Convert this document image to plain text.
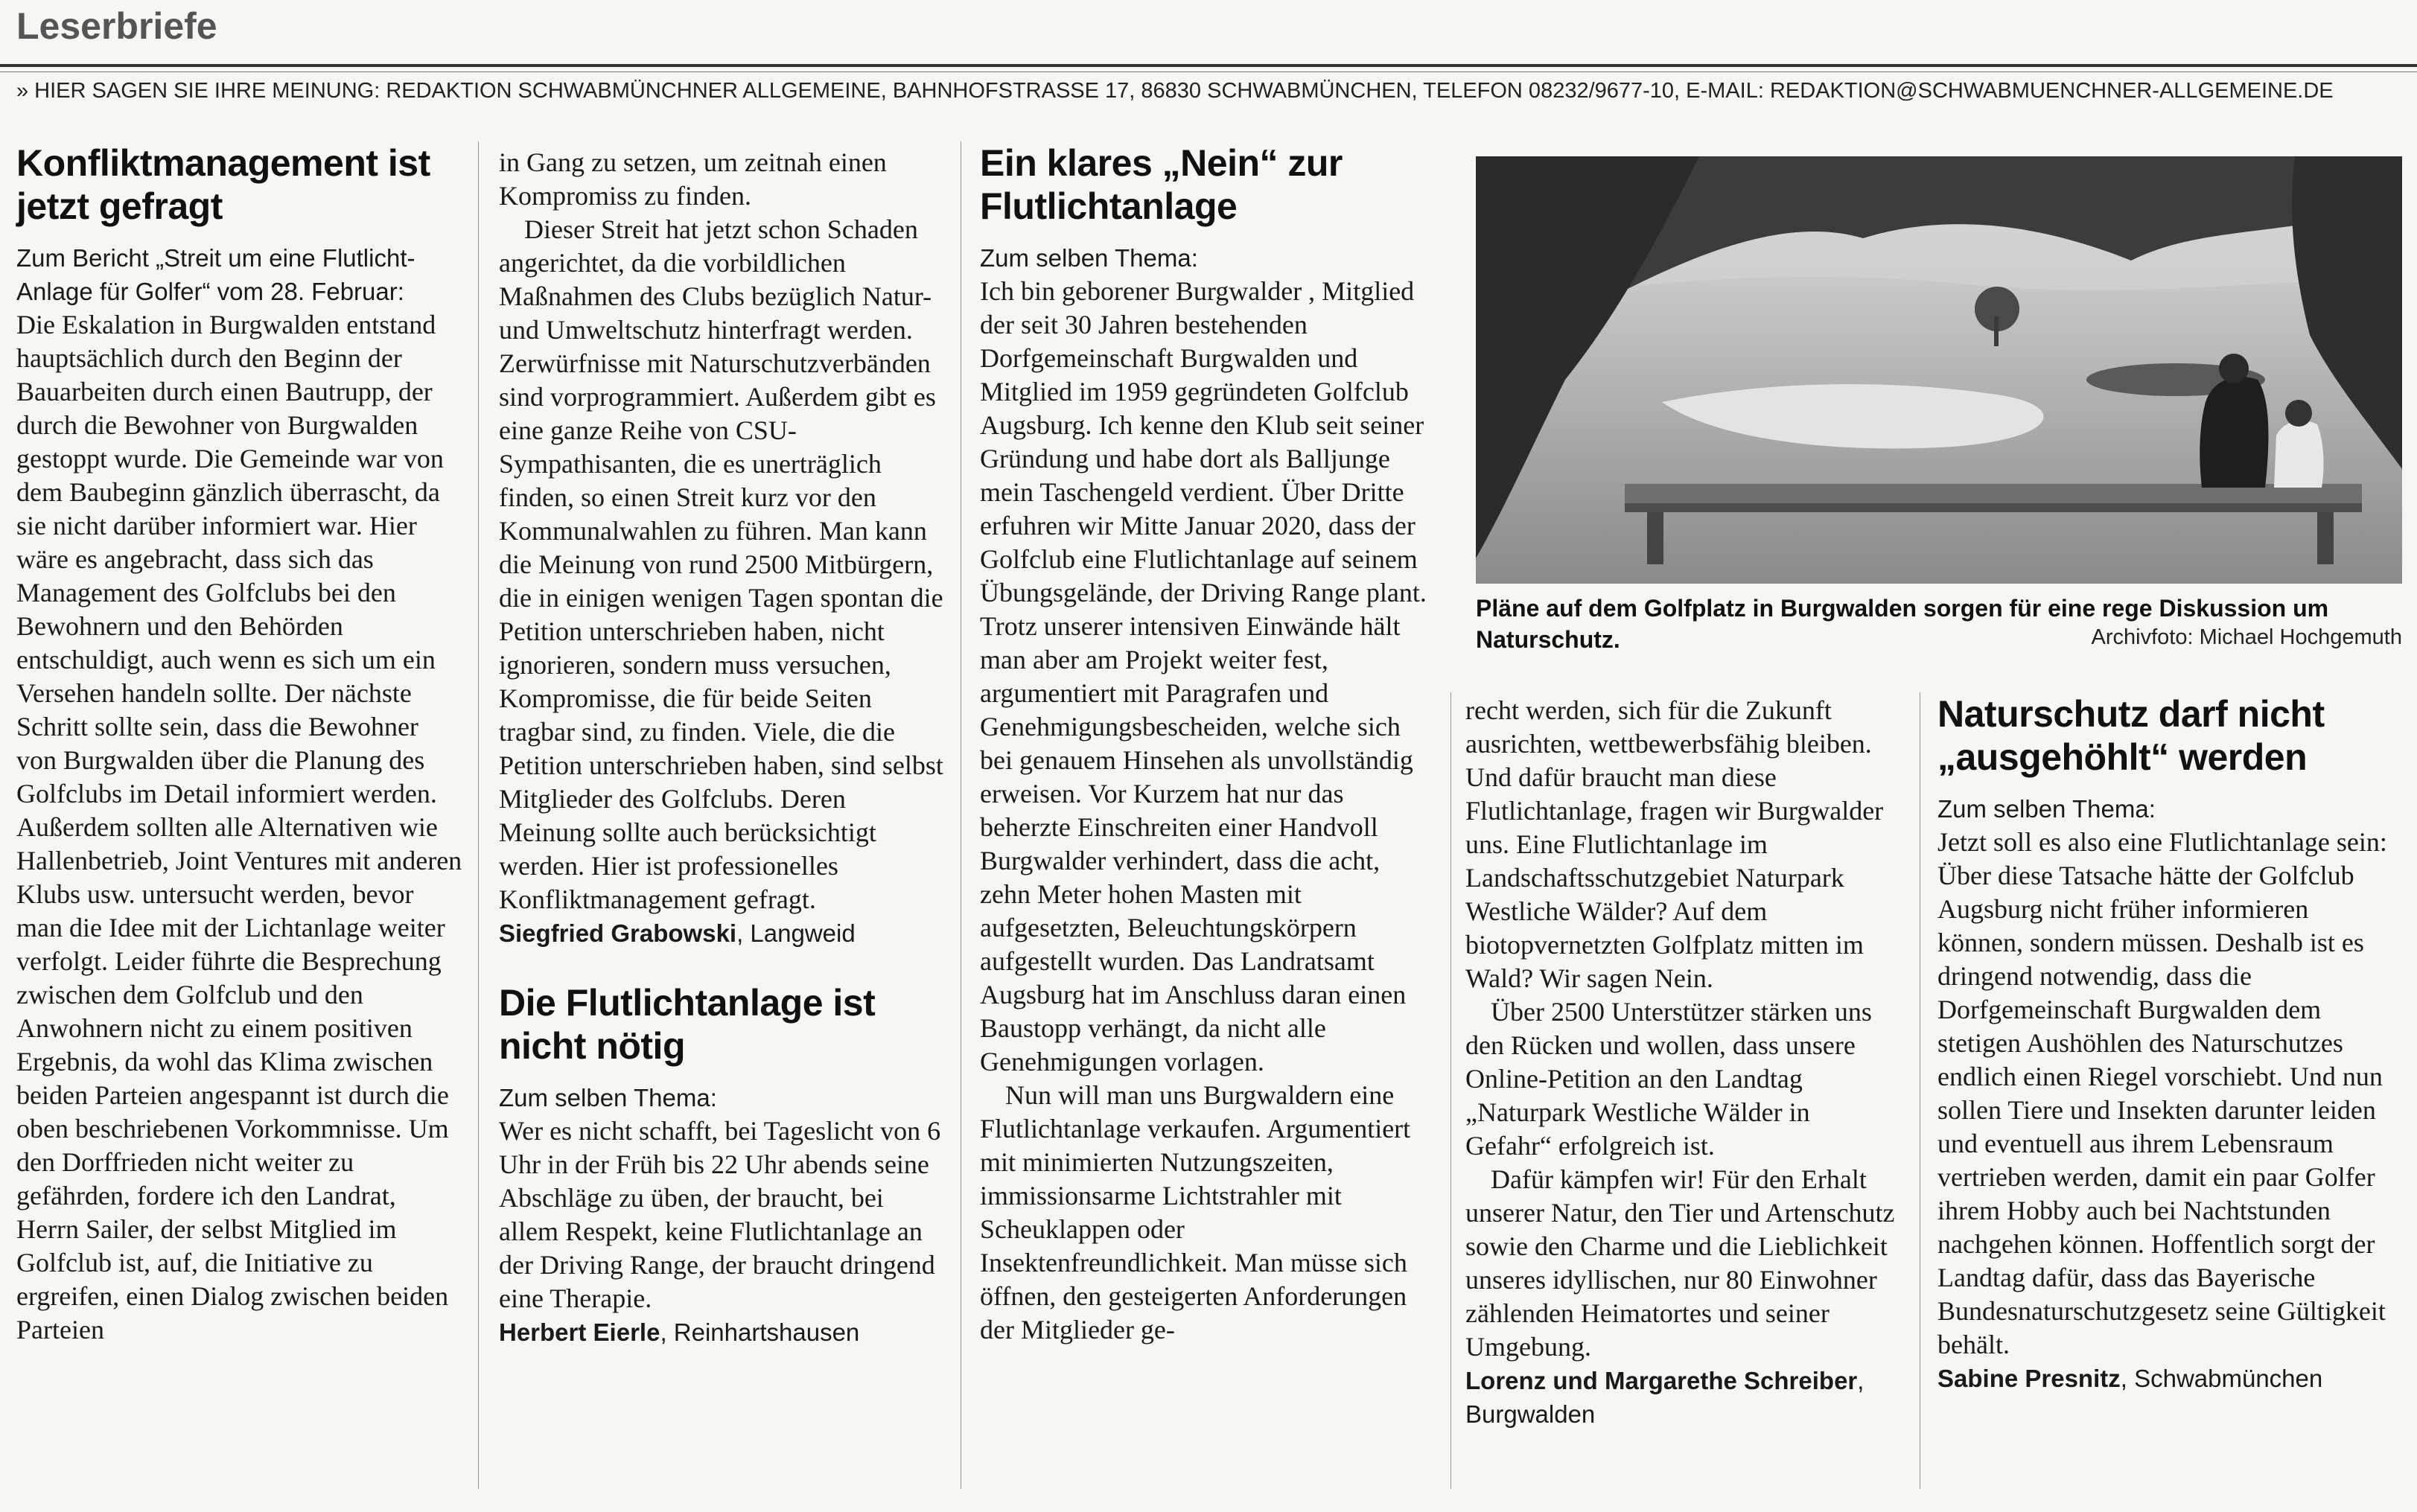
Leserbriefe
» HIER SAGEN SIE IHRE MEINUNG: REDAKTION SCHWABMÜNCHNER ALLGEMEINE, BAHNHOFSTRASSE 17, 86830 SCHWABMÜNCHEN, TELEFON 08232/9677-10, E-MAIL: REDAKTION@SCHWABMUENCHNER-ALLGEMEINE.DE
Konfliktmanagement ist jetzt gefragt

Zum Bericht „Streit um eine Flutlicht-Anlage für Golfer“ vom 28. Februar:

Die Eskalation in Burgwalden entstand hauptsächlich durch den Beginn der Bauarbeiten durch einen Bautrupp, der durch die Bewohner von Burgwalden gestoppt wurde. Die Gemeinde war von dem Baubeginn gänzlich überrascht, da sie nicht darüber informiert war. Hier wäre es angebracht, dass sich das Management des Golfclubs bei den Bewohnern und den Behörden entschuldigt, auch wenn es sich um ein Versehen handeln sollte. Der nächste Schritt sollte sein, dass die Bewohner von Burgwalden über die Planung des Golfclubs im Detail informiert werden. Außerdem sollten alle Alternativen wie Hallenbetrieb, Joint Ventures mit anderen Klubs usw. untersucht werden, bevor man die Idee mit der Lichtanlage weiter verfolgt. Leider führte die Besprechung zwischen dem Golfclub und den Anwohnern nicht zu einem positiven Ergebnis, da wohl das Klima zwischen beiden Parteien angespannt ist durch die oben beschriebenen Vorkommnisse. Um den Dorffrieden nicht weiter zu gefährden, fordere ich den Landrat, Herrn Sailer, der selbst Mitglied im Golfclub ist, auf, die Initiative zu ergreifen, einen Dialog zwischen beiden Parteien

in Gang zu setzen, um zeitnah einen Kompromiss zu finden.

Dieser Streit hat jetzt schon Schaden angerichtet, da die vorbildlichen Maßnahmen des Clubs bezüglich Natur- und Umweltschutz hinterfragt werden. Zerwürfnisse mit Naturschutzverbänden sind vorprogrammiert. Außerdem gibt es eine ganze Reihe von CSU-Sympathisanten, die es unerträglich finden, so einen Streit kurz vor den Kommunalwahlen zu führen. Man kann die Meinung von rund 2500 Mitbürgern, die in einigen wenigen Tagen spontan die Petition unterschrieben haben, nicht ignorieren, sondern muss versuchen, Kompromisse, die für beide Seiten tragbar sind, zu finden. Viele, die die Petition unterschrieben haben, sind selbst Mitglieder des Golfclubs. Deren Meinung sollte auch berücksichtigt werden. Hier ist professionelles Konfliktmanagement gefragt.

Siegfried Grabowski, Langweid

Die Flutlichtanlage ist nicht nötig

Zum selben Thema:

Wer es nicht schafft, bei Tageslicht von 6 Uhr in der Früh bis 22 Uhr abends seine Abschläge zu üben, der braucht, bei allem Respekt, keine Flutlichtanlage an der Driving Range, der braucht dringend eine Therapie.

Herbert Eierle, Reinhartshausen

Ein klares „Nein“ zur Flutlichtanlage

Zum selben Thema:

Ich bin geborener Burgwalder , Mitglied der seit 30 Jahren bestehenden Dorfgemeinschaft Burgwalden und Mitglied im 1959 gegründeten Golfclub Augsburg. Ich kenne den Klub seit seiner Gründung und habe dort als Balljunge mein Taschengeld verdient. Über Dritte erfuhren wir Mitte Januar 2020, dass der Golfclub eine Flutlichtanlage auf seinem Übungsgelände, der Driving Range plant. Trotz unserer intensiven Einwände hält man aber am Projekt weiter fest, argumentiert mit Paragrafen und Genehmigungsbescheiden, welche sich bei genauem Hinsehen als unvollständig erweisen. Vor Kurzem hat nur das beherzte Einschreiten einer Handvoll Burgwalder verhindert, dass die acht, zehn Meter hohen Masten mit aufgesetzten, Beleuchtungskörpern aufgestellt wurden. Das Landratsamt Augsburg hat im Anschluss daran einen Baustopp verhängt, da nicht alle Genehmigungen vorlagen.

Nun will man uns Burgwaldern eine Flutlichtanlage verkaufen. Argumentiert mit minimierten Nutzungszeiten, immissionsarme Lichtstrahler mit Scheuklappen oder Insektenfreundlichkeit. Man müsse sich öffnen, den gesteigerten Anforderungen der Mitglieder ge-

Pläne auf dem Golfplatz in Burgwalden sorgen für eine rege Diskussion um Naturschutz.	Archivfoto: Michael Hochgemuth

recht werden, sich für die Zukunft ausrichten, wettbewerbsfähig bleiben. Und dafür braucht man diese Flutlichtanlage, fragen wir Burgwalder uns. Eine Flutlichtanlage im Landschaftsschutzgebiet Naturpark Westliche Wälder? Auf dem biotopvernetzten Golfplatz mitten im Wald? Wir sagen Nein.

Über 2500 Unterstützer stärken uns den Rücken und wollen, dass unsere Online-Petition an den Landtag „Naturpark Westliche Wälder in Gefahr“ erfolgreich ist.

Dafür kämpfen wir! Für den Erhalt unserer Natur, den Tier und Artenschutz sowie den Charme und die Lieblichkeit unseres idyllischen, nur 80 Einwohner zählenden Heimatortes und seiner Umgebung.

Lorenz und Margarethe Schreiber,
Burgwalden

Naturschutz darf nicht „ausgehöhlt“ werden

Zum selben Thema:

Jetzt soll es also eine Flutlichtanlage sein: Über diese Tatsache hätte der Golfclub Augsburg nicht früher informieren können, sondern müssen. Deshalb ist es dringend notwendig, dass die Dorfgemeinschaft Burgwalden dem stetigen Aushöhlen des Naturschutzes endlich einen Riegel vorschiebt. Und nun sollen Tiere und Insekten darunter leiden und eventuell aus ihrem Lebensraum vertrieben werden, damit ein paar Golfer ihrem Hobby auch bei Nachtstunden nachgehen können. Hoffentlich sorgt der Landtag dafür, dass das Bayerische Bundesnaturschutzgesetz seine Gültigkeit behält.

Sabine Presnitz, Schwabmünchen
